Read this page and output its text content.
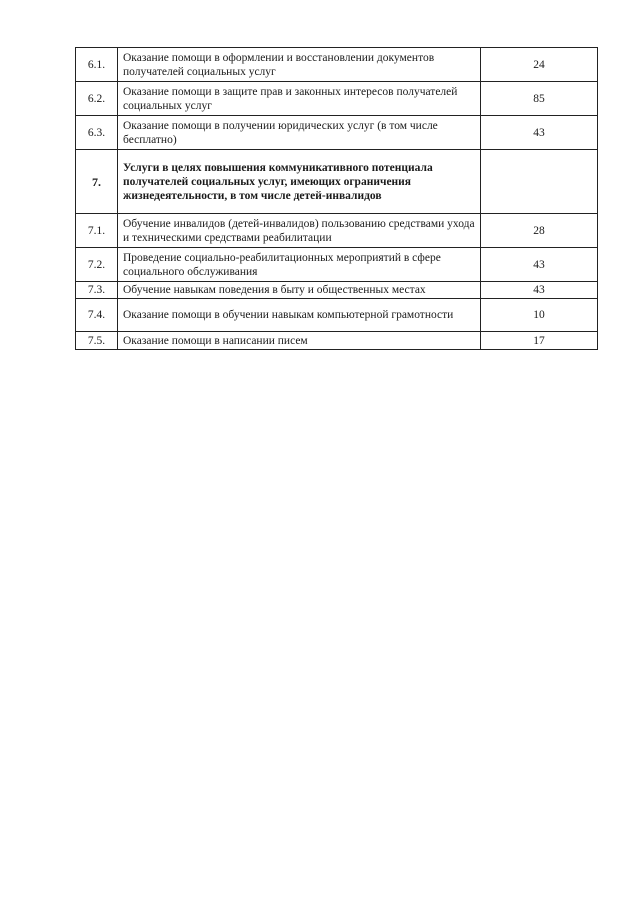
6.1.	Оказание помощи в оформлении и восстановлении документов получателей социальных услуг	24
6.2.	Оказание помощи в защите прав и законных интересов получателей социальных услуг	85
6.3.	Оказание помощи в получении юридических услуг (в том числе бесплатно)	43
7.	Услуги в целях повышения коммуникативного потенциала получателей социальных услуг, имеющих ограничения жизнедеятельности, в том числе детей-инвалидов	
7.1.	Обучение инвалидов (детей-инвалидов) пользованию средствами ухода и техническими средствами реабилитации	28
7.2.	Проведение социально-реабилитационных мероприятий в сфере социального обслуживания	43
7.3.	Обучение навыкам поведения в быту и общественных местах	43
7.4.	Оказание помощи в обучении навыкам компьютерной грамотности	10
7.5.	Оказание помощи в написании писем	17
